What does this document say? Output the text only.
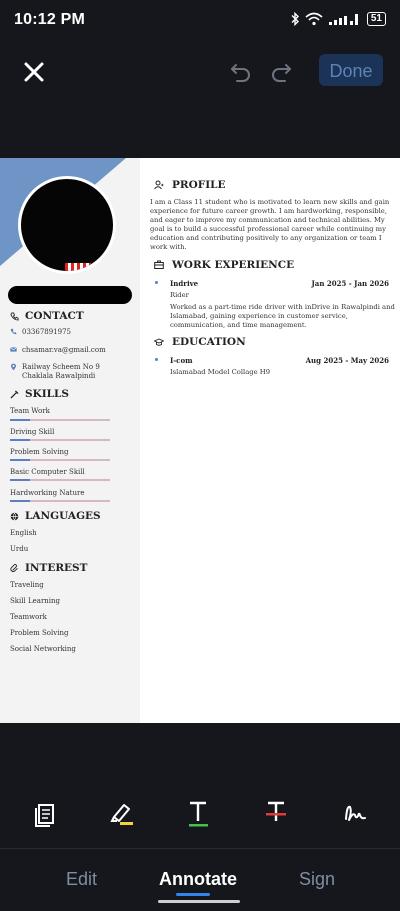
10:12 PM	51
Done
CONTACT
03367891975
chsamar.va@gmail.com
Railway Scheem No 9
Chaklala Rawalpindi
SKILLS
Team Work
Driving Skill
Problem Solving
Basic Computer Skill
Hardworking Nature
LANGUAGES
English
Urdu
INTEREST
Traveling
Skill Learning
Teamwork
Problem Solving
Social Networking
PROFILE
I am a Class 11 student who is motivated to learn new skills and gain experience for future career growth. I am hardworking, responsible, and eager to improve my communication and technical abilities. My goal is to build a successful professional career while continuing my education and contributing positively to any organization or team I work with.
WORK EXPERIENCE
Indrive	Jan 2025 - Jan 2026
Rider
Worked as a part-time ride driver with inDrive in Rawalpindi and Islamabad, gaining experience in customer service, communication, and time management.
EDUCATION
I-com	Aug 2025 - May 2026
Islamabad Model Collage H9
Edit	Annotate	Sign
